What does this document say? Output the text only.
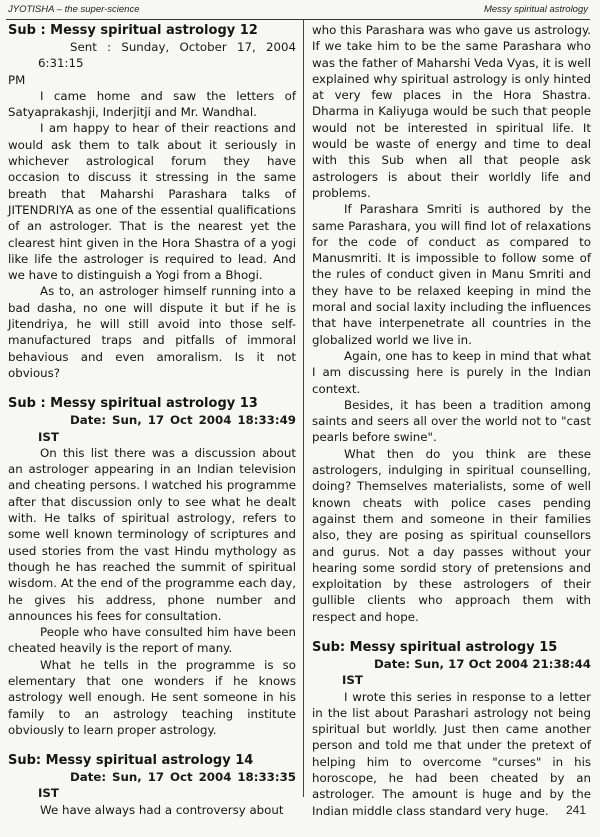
JYOTISHA – the super-science	Messy spiritual astrology
Sub : Messy spiritual astrology 12

Sent : Sunday, October 17, 2004 6:31:15

PM

I came home and saw the letters of Satyaprakashji, Inderjitji and Mr. Wandhal.

I am happy to hear of their reactions and would ask them to talk about it seriously in whichever astrological forum they have occasion to discuss it stressing in the same breath that Maharshi Parashara talks of JITENDRIYA as one of the essential qualifications of an astrologer. That is the nearest yet the clearest hint given in the Hora Shastra of a yogi like life the astrologer is required to lead. And we have to distinguish a Yogi from a Bhogi.

As to, an astrologer himself running into a bad dasha, no one will dispute it but if he is Jitendriya, he will still avoid into those self-manufactured traps and pitfalls of immoral behavious and even amoralism. Is it not obvious?

Sub : Messy spiritual astrology 13

Date: Sun, 17 Oct 2004 18:33:49 IST

On this list there was a discussion about an astrologer appearing in an Indian television and cheating persons. I watched his programme after that discussion only to see what he dealt with. He talks of spiritual astrology, refers to some well known terminology of scriptures and used stories from the vast Hindu mythology as though he has reached the summit of spiritual wisdom. At the end of the programme each day, he gives his address, phone number and announces his fees for consultation.

People who have consulted him have been cheated heavily is the report of many.

What he tells in the programme is so elementary that one wonders if he knows astrology well enough. He sent someone in his family to an astrology teaching institute obviously to learn proper astrology.

Sub: Messy spiritual astrology 14

Date: Sun, 17 Oct 2004 18:33:35 IST

We have always had a controversy about

who this Parashara was who gave us astrology. If we take him to be the same Parashara who was the father of Maharshi Veda Vyas, it is well explained why spiritual astrology is only hinted at very few places in the Hora Shastra. Dharma in Kaliyuga would be such that people would not be interested in spiritual life. It would be waste of energy and time to deal with this Sub when all that people ask astrologers is about their worldly life and problems.

If Parashara Smriti is authored by the same Parashara, you will find lot of relaxations for the code of conduct as compared to Manusmriti. It is impossible to follow some of the rules of conduct given in Manu Smriti and they have to be relaxed keeping in mind the moral and social laxity including the influences that have interpenetrate all countries in the globalized world we live in.

Again, one has to keep in mind that what I am discussing here is purely in the Indian context.

Besides, it has been a tradition among saints and seers all over the world not to "cast pearls before swine".

What then do you think are these astrologers, indulging in spiritual counselling, doing? Themselves materialists, some of well known cheats with police cases pending against them and someone in their families also, they are posing as spiritual counsellors and gurus. Not a day passes without your hearing some sordid story of pretensions and exploitation by these astrologers of their gullible clients who approach them with respect and hope.

Sub: Messy spiritual astrology 15

Date: Sun, 17 Oct 2004 21:38:44 IST

I wrote this series in response to a letter in the list about Parashari astrology not being spiritual but worldly. Just then came another person and told me that under the pretext of helping him to overcome "curses" in his horoscope, he had been cheated by an astrologer. The amount is huge and by the Indian middle class standard very huge.	241
